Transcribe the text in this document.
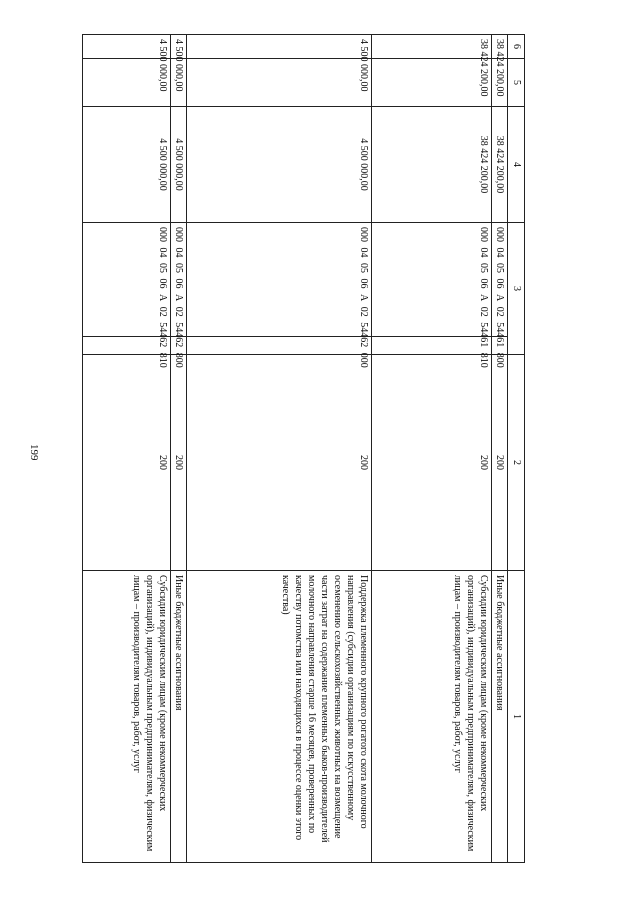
199
6	5	4	3		2	1
38 424 200,00		38 424 200,00	000 04 05 06 А 02 54461 800		200	Иные бюджетные ассигнования
38 424 200,00		38 424 200,00	000 04 05 06 А 02 54461 810		200	Субсидии юридическим лицам (кроме некоммерческих организаций), индивидуальным предпринимателям, физическим лицам – производителям товаров, работ, услуг
4 500 000,00		4 500 000,00	000 04 05 06 А 02 54462 000		200	Поддержка племенного крупного рогатого скота молочного направления (субсидии организациям по искусственному осеменению сельскохозяйственных животных на возмещение части затрат на содержание племенных быков-производителей молочного направления старше 16 месяцев, проверенных по качеству потомства или находящихся в процессе оценки этого качества)
4 500 000,00		4 500 000,00	000 04 05 06 А 02 54462 800		200	Иные бюджетные ассигнования
4 500 000,00		4 500 000,00	000 04 05 06 А 02 54462 810		200	Субсидии юридическим лицам (кроме некоммерческих организаций), индивидуальным предпринимателям, физическим лицам – производителям товаров, работ, услуг
